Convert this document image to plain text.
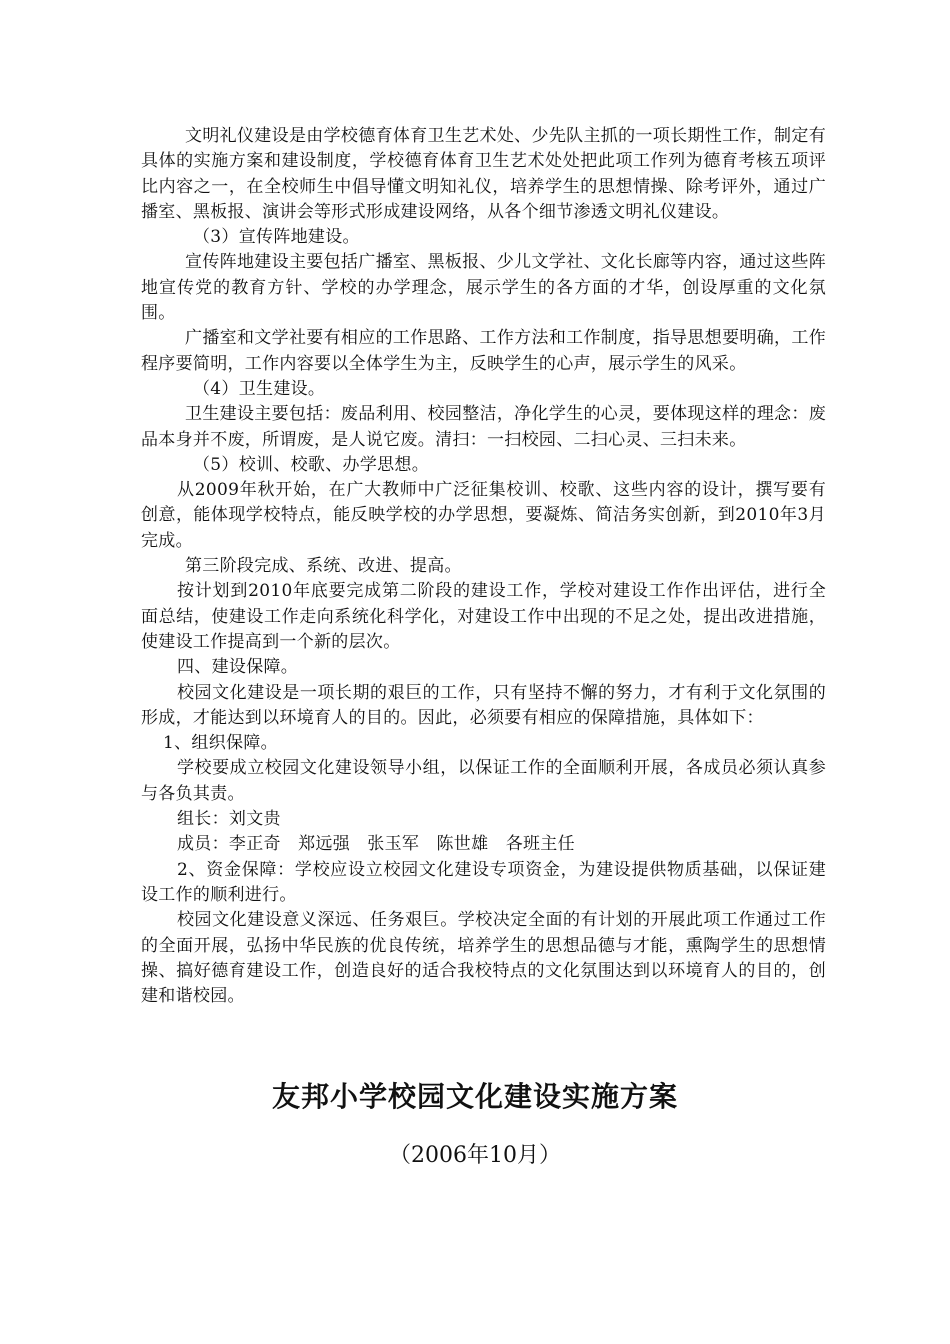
文明礼仪建设是由学校德育体育卫生艺术处、少先队主抓的一项长期性工作，制定有具体的实施方案和建设制度，学校德育体育卫生艺术处处把此项工作列为德育考核五项评比内容之一，在全校师生中倡导懂文明知礼仪，培养学生的思想情操、除考评外，通过广播室、黑板报、演讲会等形式形成建设网络，从各个细节渗透文明礼仪建设。

（3）宣传阵地建设。

宣传阵地建设主要包括广播室、黑板报、少儿文学社、文化长廊等内容，通过这些阵地宣传党的教育方针、学校的办学理念，展示学生的各方面的才华，创设厚重的文化氛围。

广播室和文学社要有相应的工作思路、工作方法和工作制度，指导思想要明确，工作程序要简明，工作内容要以全体学生为主，反映学生的心声，展示学生的风采。

（4）卫生建设。

卫生建设主要包括：废品利用、校园整洁，净化学生的心灵，要体现这样的理念：废品本身并不废，所谓废，是人说它废。清扫：一扫校园、二扫心灵、三扫未来。

（5）校训、校歌、办学思想。

从2009年秋开始，在广大教师中广泛征集校训、校歌、这些内容的设计，撰写要有创意，能体现学校特点，能反映学校的办学思想，要凝炼、简洁务实创新，到2010年3月完成。

第三阶段完成、系统、改进、提高。

按计划到2010年底要完成第二阶段的建设工作，学校对建设工作作出评估，进行全面总结，使建设工作走向系统化科学化，对建设工作中出现的不足之处，提出改进措施，使建设工作提高到一个新的层次。

四、建设保障。

校园文化建设是一项长期的艰巨的工作，只有坚持不懈的努力，才有利于文化氛围的形成，才能达到以环境育人的目的。因此，必须要有相应的保障措施，具体如下：

1、组织保障。

学校要成立校园文化建设领导小组，以保证工作的全面顺利开展，各成员必须认真参与各负其责。

组长：刘文贵

成员：李正奇　郑远强　张玉军　陈世雄　各班主任

2、资金保障：学校应设立校园文化建设专项资金，为建设提供物质基础，以保证建设工作的顺利进行。

校园文化建设意义深远、任务艰巨。学校决定全面的有计划的开展此项工作通过工作的全面开展，弘扬中华民族的优良传统，培养学生的思想品德与才能，熏陶学生的思想情操、搞好德育建设工作，创造良好的适合我校特点的文化氛围达到以环境育人的目的，创建和谐校园。

友邦小学校园文化建设实施方案
（2006年10月）
